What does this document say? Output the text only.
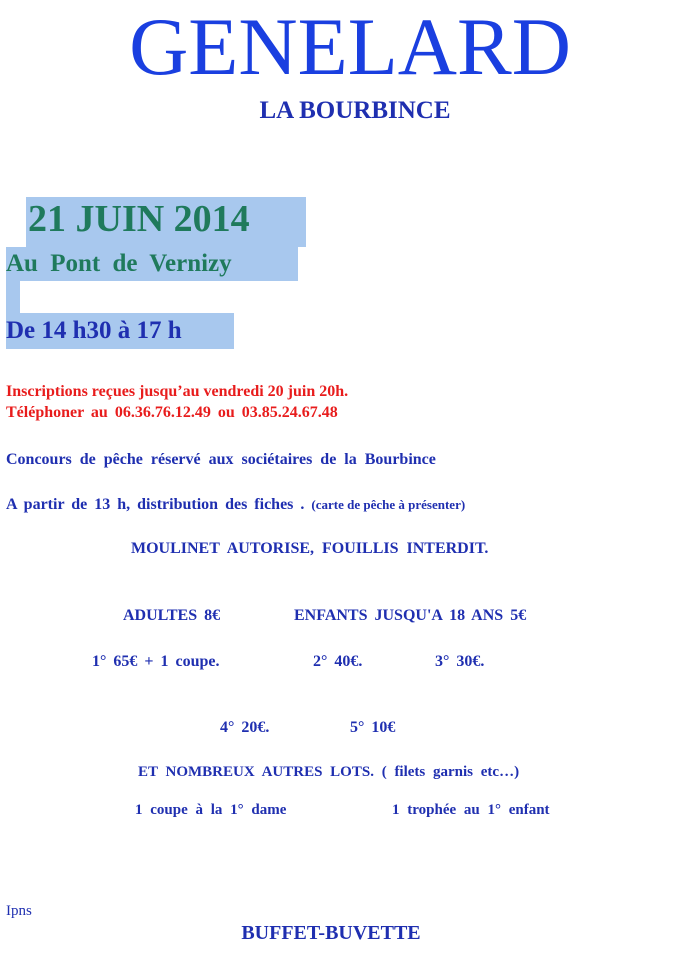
GENELARD
LA BOURBINCE
21 JUIN 2014
Au Pont de Vernizy
De 14 h30 à 17 h
Inscriptions reçues jusqu’au vendredi 20 juin 20h.
Téléphoner au 06.36.76.12.49 ou 03.85.24.67.48
Concours de pêche réservé aux sociétaires de la Bourbince
A partir de 13 h, distribution des fiches . (carte de pêche à présenter)
MOULINET AUTORISE, FOUILLIS INTERDIT.
ADULTES 8€	ENFANTS JUSQU'A 18 ANS 5€
1° 65€ + 1 coupe.	2° 40€.	3° 30€.
4° 20€.	5° 10€
ET NOMBREUX AUTRES LOTS. ( filets garnis etc…)
1 coupe à la 1° dame	1 trophée au 1° enfant
Ipns
BUFFET-BUVETTE
